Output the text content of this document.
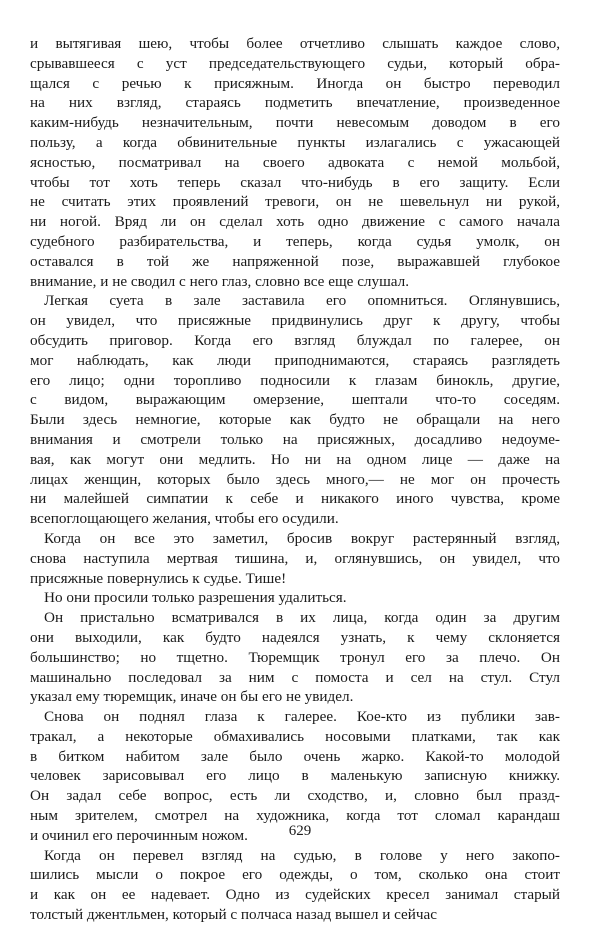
и вытягивая шею, чтобы более отчетливо слышать каждое слово,
срывавшееся с уст председательствующего судьи, который обра-
щался с речью к присяжным. Иногда он быстро переводил
на них взгляд, стараясь подметить впечатление, произведенное
каким-нибудь незначительным, почти невесомым доводом в его
пользу, а когда обвинительные пункты излагались с ужасающей
ясностью, посматривал на своего адвоката с немой мольбой,
чтобы тот хоть теперь сказал что-нибудь в его защиту. Если
не считать этих проявлений тревоги, он не шевельнул ни рукой,
ни ногой. Вряд ли он сделал хоть одно движение с самого начала
судебного разбирательства, и теперь, когда судья умолк, он
оставался в той же напряженной позе, выражавшей глубокое
внимание, и не сводил с него глаз, словно все еще слушал.
Легкая суета в зале заставила его опомниться. Оглянувшись,
он увидел, что присяжные придвинулись друг к другу, чтобы
обсудить приговор. Когда его взгляд блуждал по галерее, он
мог наблюдать, как люди приподнимаются, стараясь разглядеть
его лицо; одни торопливо подносили к глазам бинокль, другие,
с видом, выражающим омерзение, шептали что-то соседям.
Были здесь немногие, которые как будто не обращали на него
внимания и смотрели только на присяжных, досадливо недоуме-
вая, как могут они медлить. Но ни на одном лице — даже на
лицах женщин, которых было здесь много,— не мог он прочесть
ни малейшей симпатии к себе и никакого иного чувства, кроме
всепоглощающего желания, чтобы его осудили.
Когда он все это заметил, бросив вокруг растерянный взгляд,
снова наступила мертвая тишина, и, оглянувшись, он увидел, что
присяжные повернулись к судье. Тише!
Но они просили только разрешения удалиться.
Он пристально всматривался в их лица, когда один за другим
они выходили, как будто надеялся узнать, к чему склоняется
большинство; но тщетно. Тюремщик тронул его за плечо. Он
машинально последовал за ним с помоста и сел на стул. Стул
указал ему тюремщик, иначе он бы его не увидел.
Снова он поднял глаза к галерее. Кое-кто из публики зав-
тракал, а некоторые обмахивались носовыми платками, так как
в битком набитом зале было очень жарко. Какой-то молодой
человек зарисовывал его лицо в маленькую записную книжку.
Он задал себе вопрос, есть ли сходство, и, словно был празд-
ным зрителем, смотрел на художника, когда тот сломал карандаш
и очинил его перочинным ножом.
Когда он перевел взгляд на судью, в голове у него закопо-
шились мысли о покрое его одежды, о том, сколько она стоит
и как он ее надевает. Одно из судейских кресел занимал старый
толстый джентльмен, который с полчаса назад вышел и сейчас
629
